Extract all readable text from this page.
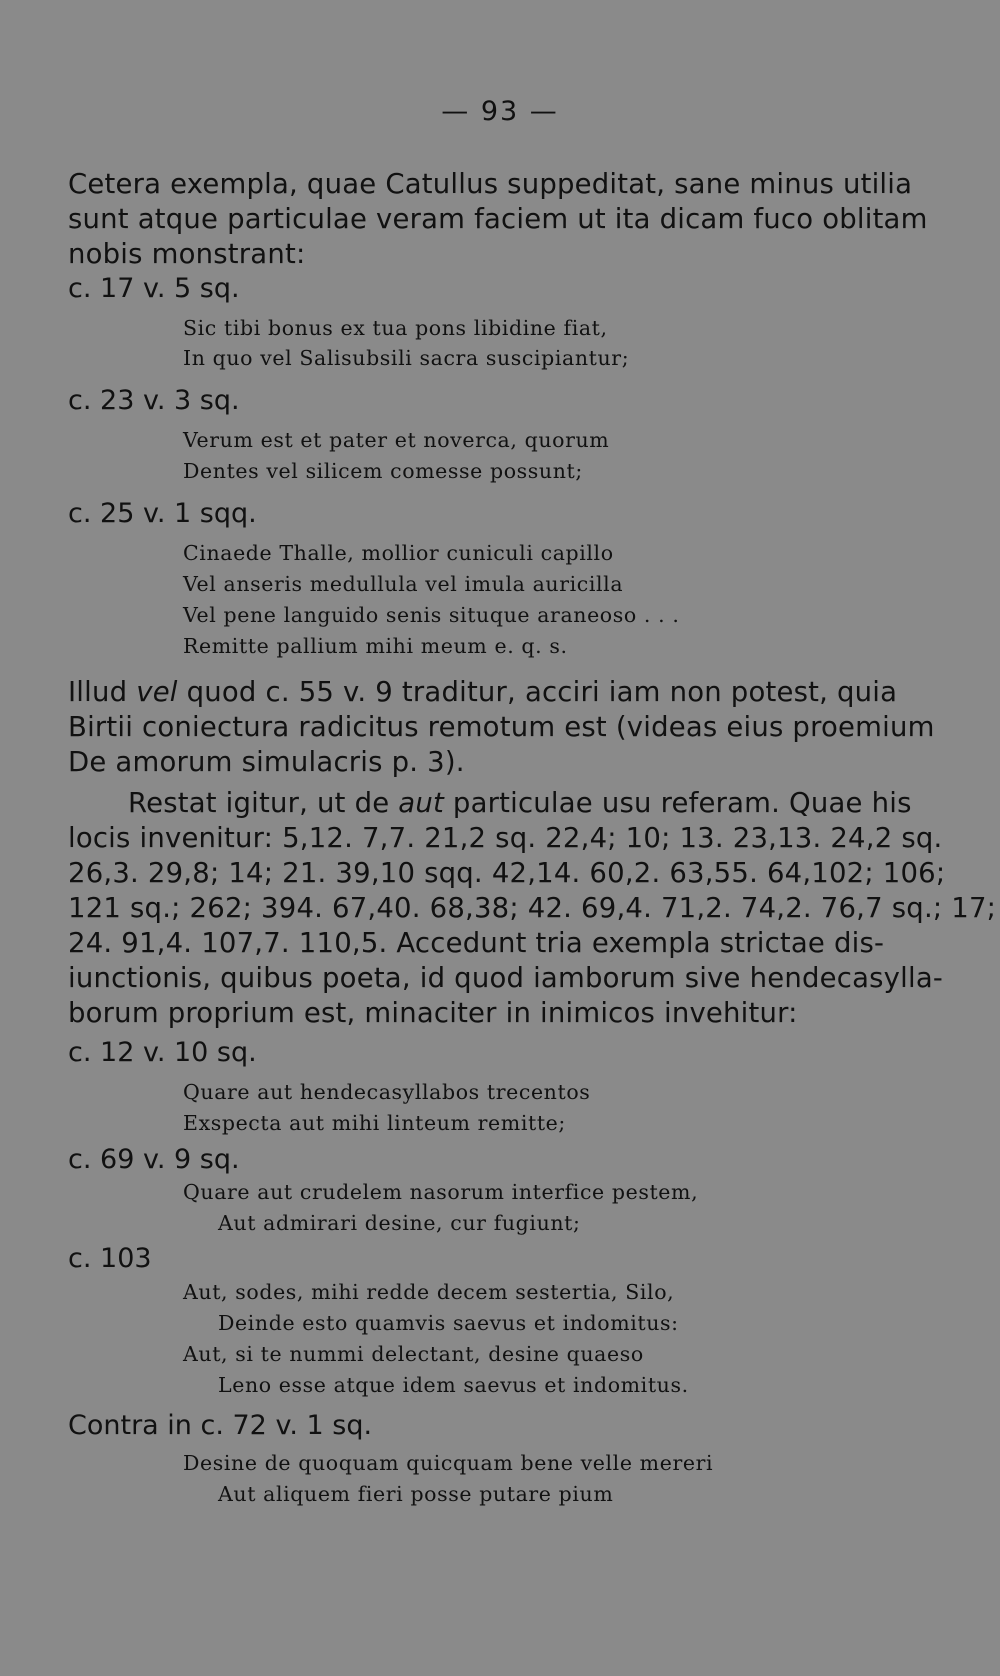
— 93 —
Cetera exempla, quae Catullus suppeditat, sane minus utilia
sunt atque particulae veram faciem ut ita dicam fuco oblitam
nobis monstrant:
c. 17 v. 5 sq.
Sic tibi bonus ex tua pons libidine fiat,
In quo vel Salisubsili sacra suscipiantur;
c. 23 v. 3 sq.
Verum est et pater et noverca, quorum
Dentes vel silicem comesse possunt;
c. 25 v. 1 sqq.
Cinaede Thalle, mollior cuniculi capillo
Vel anseris medullula vel imula auricilla
Vel pene languido senis situque araneoso . . .
Remitte pallium mihi meum e. q. s.
Illud vel quod c. 55 v. 9 traditur, acciri iam non potest, quia
Birtii coniectura radicitus remotum est (videas eius proemium
De amorum simulacris p. 3).
Restat igitur, ut de aut particulae usu referam. Quae his
locis invenitur: 5,12. 7,7. 21,2 sq. 22,4; 10; 13. 23,13. 24,2 sq.
26,3. 29,8; 14; 21. 39,10 sqq. 42,14. 60,2. 63,55. 64,102; 106;
121 sq.; 262; 394. 67,40. 68,38; 42. 69,4. 71,2. 74,2. 76,7 sq.; 17;
24. 91,4. 107,7. 110,5. Accedunt tria exempla strictae dis-
iunctionis, quibus poeta, id quod iamborum sive hendecasylla-
borum proprium est, minaciter in inimicos invehitur:
c. 12 v. 10 sq.
Quare aut hendecasyllabos trecentos
Exspecta aut mihi linteum remitte;
c. 69 v. 9 sq.
Quare aut crudelem nasorum interfice pestem,
Aut admirari desine, cur fugiunt;
c. 103
Aut, sodes, mihi redde decem sestertia, Silo,
Deinde esto quamvis saevus et indomitus:
Aut, si te nummi delectant, desine quaeso
Leno esse atque idem saevus et indomitus.
Contra in c. 72 v. 1 sq.
Desine de quoquam quicquam bene velle mereri
Aut aliquem fieri posse putare pium
